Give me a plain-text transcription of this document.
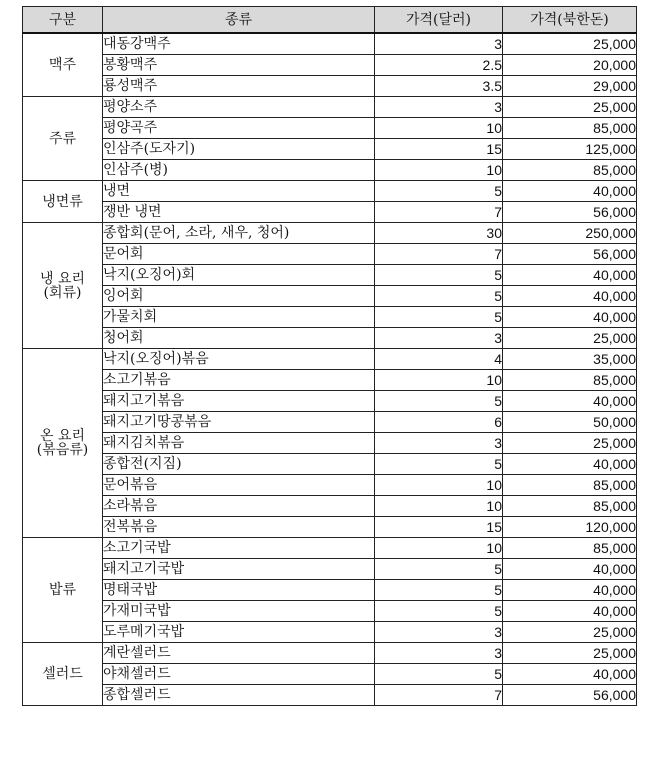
구분	종류	가격(달러)	가격(북한돈)

맥주	대동강맥주	3	25,000
	봉황맥주	2.5	20,000
	룡성맥주	3.5	29,000

주류	평양소주	3	25,000
	평양곡주	10	85,000
	인삼주(도자기)	15	125,000
	인삼주(병)	10	85,000

냉면류	냉면	5	40,000
	쟁반 냉면	7	56,000

냉 요리
(회류)	종합회(문어, 소라, 새우, 청어)	30	250,000
	문어회	7	56,000
	낙지(오징어)회	5	40,000
	잉어회	5	40,000
	가물치회	5	40,000
	청어회	3	25,000

온 요리
(볶음류)	낙지(오징어)볶음	4	35,000
	소고기볶음	10	85,000
	돼지고기볶음	5	40,000
	돼지고기땅콩볶음	6	50,000
	돼지김치볶음	3	25,000
	종합전(지짐)	5	40,000
	문어볶음	10	85,000
	소라볶음	10	85,000
	전복볶음	15	120,000

밥류	소고기국밥	10	85,000
	돼지고기국밥	5	40,000
	명태국밥	5	40,000
	가재미국밥	5	40,000
	도루메기국밥	3	25,000

셀러드	계란셀러드	3	25,000
	야채셀러드	5	40,000
	종합셀러드	7	56,000
